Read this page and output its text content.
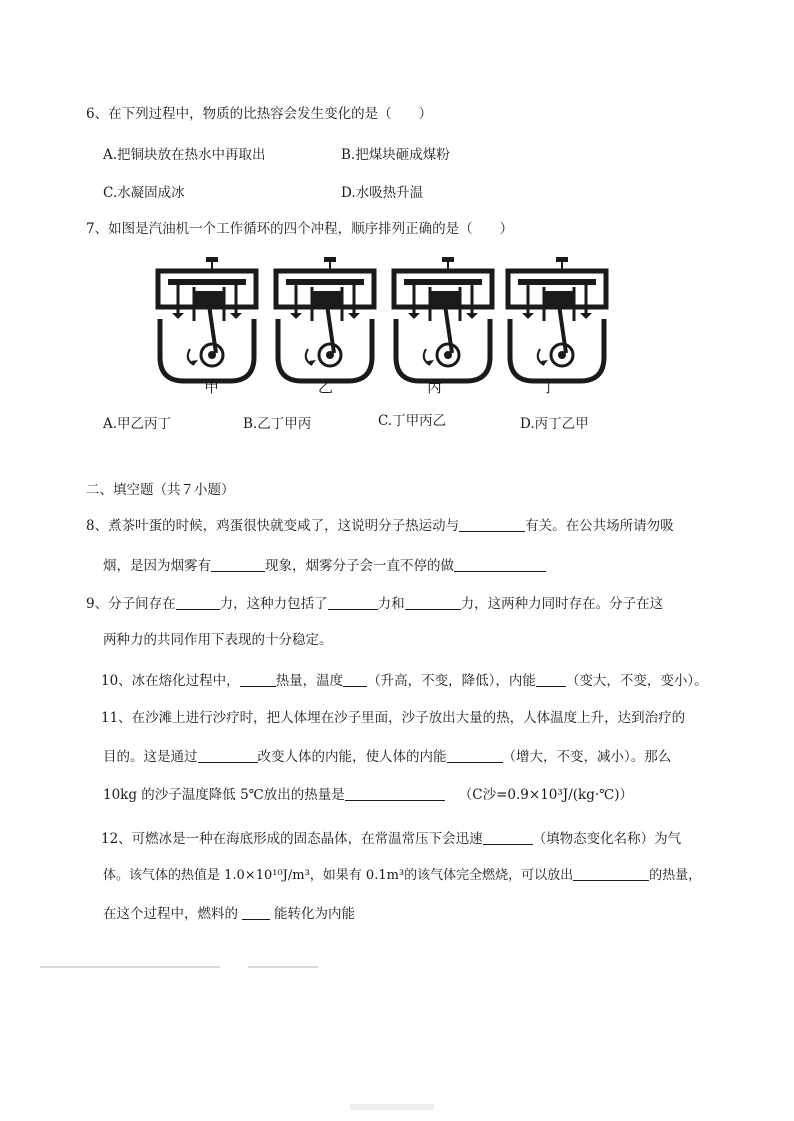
6、在下列过程中，物质的比热容会发生变化的是（　　）
A.把铜块放在热水中再取出	B.把煤块砸成煤粉
C.水凝固成冰	D.水吸热升温
7、如图是汽油机一个工作循环的四个冲程，顺序排列正确的是（　　）
甲	乙	丙	丁
A.甲乙丙丁	B.乙丁甲丙	C.丁甲丙乙	D.丙丁乙甲
二、填空题（共７小题）
8、煮茶叶蛋的时候，鸡蛋很快就变咸了，这说明分子热运动与	有关。在公共场所请勿吸
烟，是因为烟雾有	现象，烟雾分子会一直不停的做
9、分子间存在	力，这种力包括了	力和	力，这两种力同时存在。分子在这
两种力的共同作用下表现的十分稳定。
10、冰在熔化过程中，	热量，温度 （升高，不变，降低），内能 （变大，不变，变小）。
11、在沙滩上进行沙疗时，把人体埋在沙子里面，沙子放出大量的热，人体温度上升，达到治疗的
目的。这是通过	改变人体的内能，使人体的内能	（增大，不变，减小）。那么
10kg 的沙子温度降低 5℃放出的热量是	（C沙=0.9×10³J/(kg·℃)）
12、可燃冰是一种在海底形成的固态晶体，在常温常压下会迅速	（填物态变化名称）为气
体。该气体的热值是 1.0×10¹⁰J/m³，如果有 0.1m³的该气体完全燃烧，可以放出	的热量，
在这个过程中，燃料的	能转化为内能
